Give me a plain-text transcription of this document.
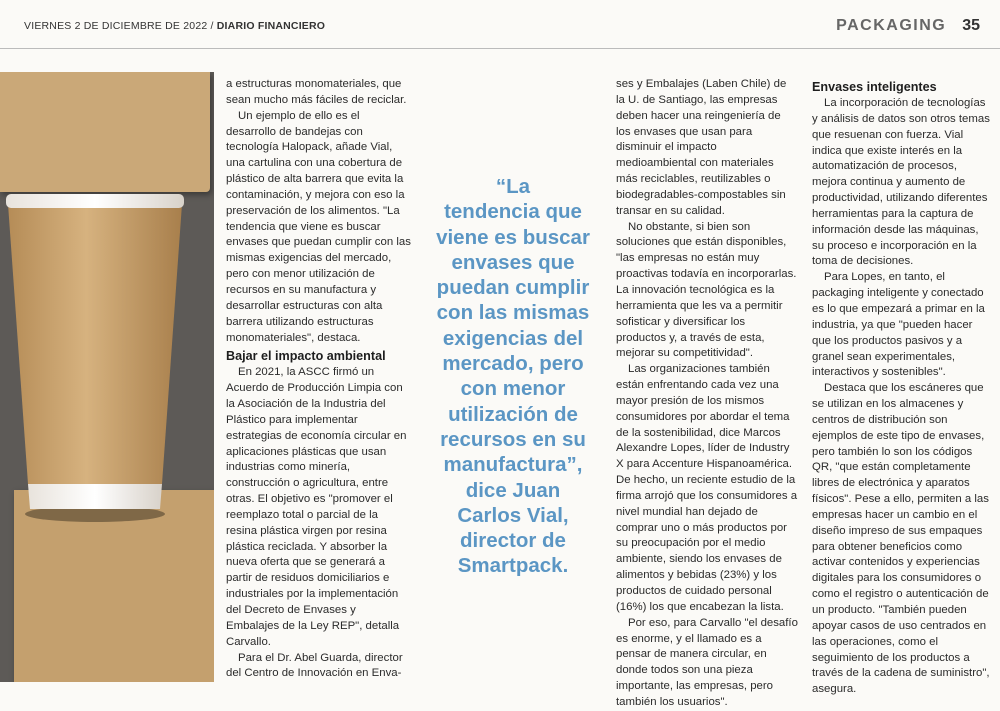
VIERNES 2 DE DICIEMBRE DE 2022 / DIARIO FINANCIERO	PACKAGING 35

a estructuras monomateriales, que sean mucho más fáciles de reciclar.

Un ejemplo de ello es el desarrollo de bandejas con tecnología Halopack, añade Vial, una cartulina con una cobertura de plástico de alta barrera que evita la contaminación, y mejora con eso la preservación de los alimentos. "La tendencia que viene es buscar envases que puedan cumplir con las mismas exigencias del mercado, pero con menor utilización de recursos en su manufactura y desarrollar estructuras con alta barrera utilizando estructuras monomateriales", destaca.

Bajar el impacto ambiental

En 2021, la ASCC firmó un Acuerdo de Producción Limpia con la Asociación de la Industria del Plástico para implementar estrategias de economía circular en aplicaciones plásticas que usan industrias como minería, construcción o agricultura, entre otras. El objetivo es "promover el reemplazo total o parcial de la resina plástica virgen por resina plástica reciclada. Y absorber la nueva oferta que se generará a partir de residuos domiciliarios e industriales por la implementación del Decreto de Envases y Embalajes de la Ley REP", detalla Carvallo.

Para el Dr. Abel Guarda, director del Centro de Innovación en Enva-

“La
tendencia que
viene es buscar
envases que
puedan cumplir
con las mismas
exigencias del
mercado, pero
con menor
utilización de
recursos en su
manufactura”,
dice Juan
Carlos Vial,
director de
Smartpack.

ses y Embalajes (Laben Chile) de la U. de Santiago, las empresas deben hacer una reingeniería de los envases que usan para disminuir el impacto medioambiental con materiales más reciclables, reutilizables o biodegradables-compostables sin transar en su calidad.

No obstante, si bien son soluciones que están disponibles, "las empresas no están muy proactivas todavía en incorporarlas. La innovación tecnológica es la herramienta que les va a permitir sofisticar y diversificar los productos y, a través de esta, mejorar su competitividad".

Las organizaciones también están enfrentando cada vez una mayor presión de los mismos consumidores por abordar el tema de la sostenibilidad, dice Marcos Alexandre Lopes, líder de Industry X para Accenture Hispanoamérica. De hecho, un reciente estudio de la firma arrojó que los consumidores a nivel mundial han dejado de comprar uno o más productos por su preocupación por el medio ambiente, siendo los envases de alimentos y bebidas (23%) y los productos de cuidado personal (16%) los que encabezan la lista.

Por eso, para Carvallo "el desafío es enorme, y el llamado es a pensar de manera circular, en donde todos son una pieza importante, las empresas, pero también los usuarios".

Envases inteligentes

La incorporación de tecnologías y análisis de datos son otros temas que resuenan con fuerza. Vial indica que existe interés en la automatización de procesos, mejora continua y aumento de productividad, utilizando diferentes herramientas para la captura de información desde las máquinas, su proceso e incorporación en la toma de decisiones.

Para Lopes, en tanto, el packaging inteligente y conectado es lo que empezará a primar en la industria, ya que "pueden hacer que los productos pasivos y a granel sean experimentales, interactivos y sostenibles".

Destaca que los escáneres que se utilizan en los almacenes y centros de distribución son ejemplos de este tipo de envases, pero también lo son los códigos QR, "que están completamente libres de electrónica y aparatos físicos". Pese a ello, permiten a las empresas hacer un cambio en el diseño impreso de sus empaques para obtener beneficios como activar contenidos y experiencias digitales para los consumidores o como el registro o autenticación de un producto. "También pueden apoyar casos de uso centrados en las operaciones, como el seguimiento de los productos a través de la cadena de suministro", asegura.
